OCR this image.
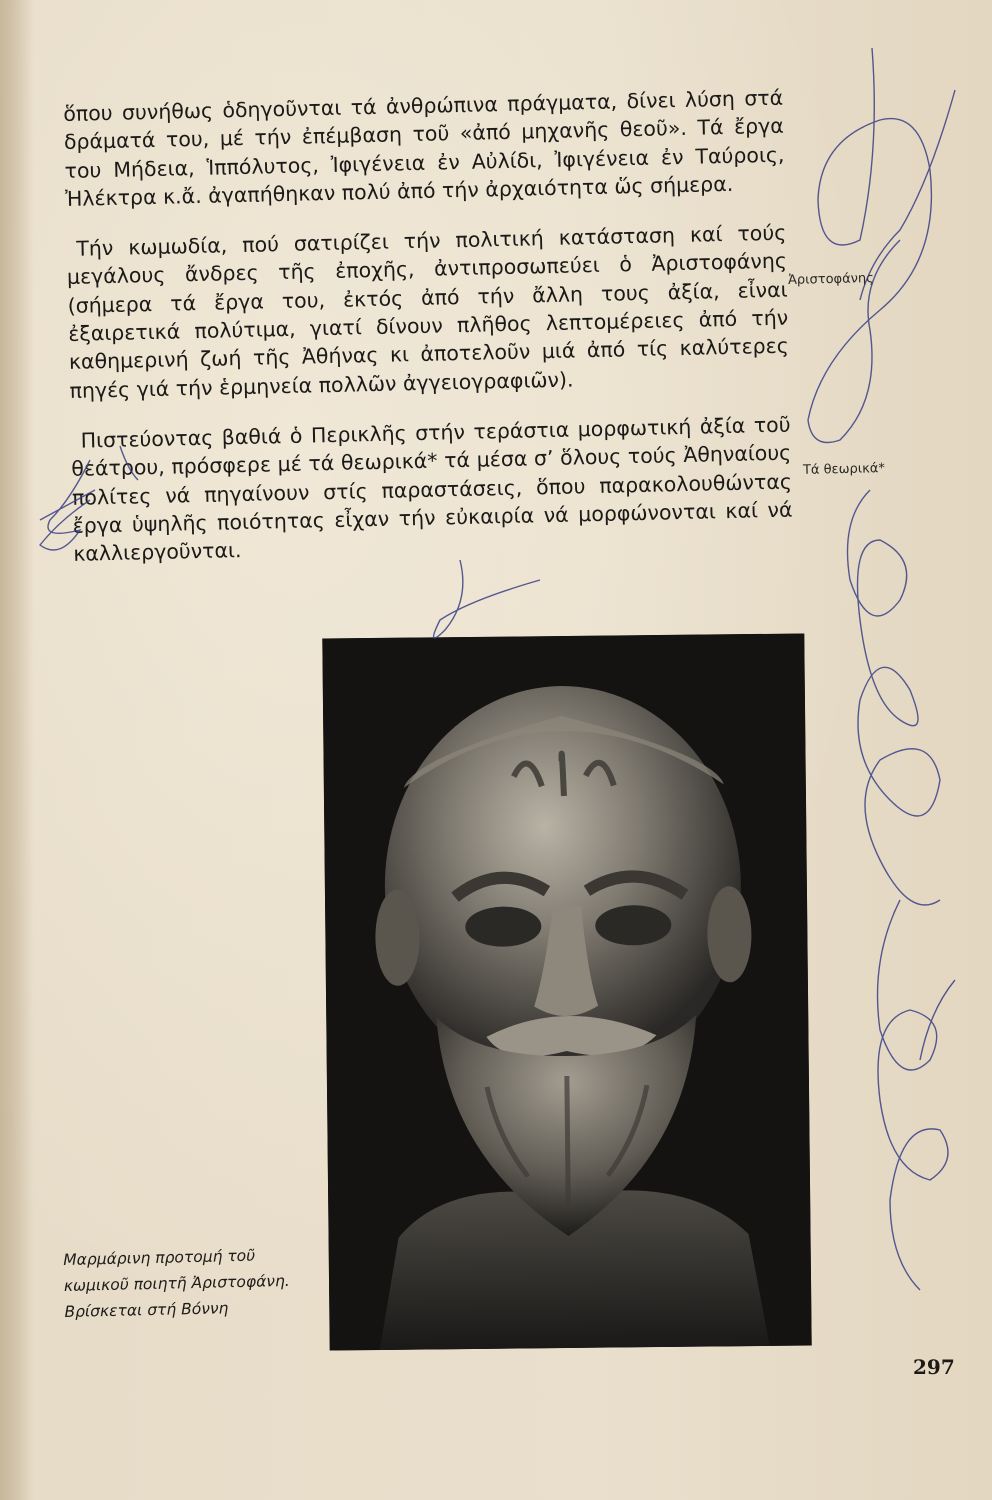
ὅπου συνήθως ὁδηγοῦνται τά ἀνθρώπινα πράγματα, δίνει λύση στά δράματά του, μέ τήν ἐπέμβαση τοῦ «ἀπό μηχανῆς θεοῦ». Τά ἔργα του Μήδεια, Ἱππόλυτος, Ἰφιγένεια ἐν Αὐλίδι, Ἰφιγένεια ἐν Ταύροις, Ἠλέκτρα κ.ἄ. ἀγαπήθηκαν πολύ ἀπό τήν ἀρχαιότητα ὥς σήμερα.

Τήν κωμωδία, πού σατιρίζει τήν πολιτική κατάσταση καί τούς μεγάλους ἄνδρες τῆς ἐποχῆς, ἀντιπροσωπεύει ὁ Ἀριστοφάνης (σήμερα τά ἔργα του, ἐκτός ἀπό τήν ἄλλη τους ἀξία, εἶναι ἐξαιρετικά πολύτιμα, γιατί δίνουν πλῆθος λεπτομέρειες ἀπό τήν καθημερινή ζωή τῆς Ἀθήνας κι ἀποτελοῦν μιά ἀπό τίς καλύτερες πηγές γιά τήν ἑρμηνεία πολλῶν ἀγγειογραφιῶν).

Πιστεύοντας βαθιά ὁ Περικλῆς στήν τεράστια μορφωτική ἀξία τοῦ θεάτρου, πρόσφερε μέ τά θεωρικά* τά μέσα σ’ ὅλους τούς Ἀθηναίους πολίτες νά πηγαίνουν στίς παραστάσεις, ὅπου παρακολουθώντας ἔργα ὑψηλῆς ποιότητας εἶχαν τήν εὐκαιρία νά μορφώνονται καί νά καλλιεργοῦνται.

Ἀριστοφάνης
Τά θεωρικά*
Μαρμάρινη προτομή τοῦ
κωμικοῦ ποιητῆ Ἀριστοφάνη.
Βρίσκεται στή Βόννη
297
